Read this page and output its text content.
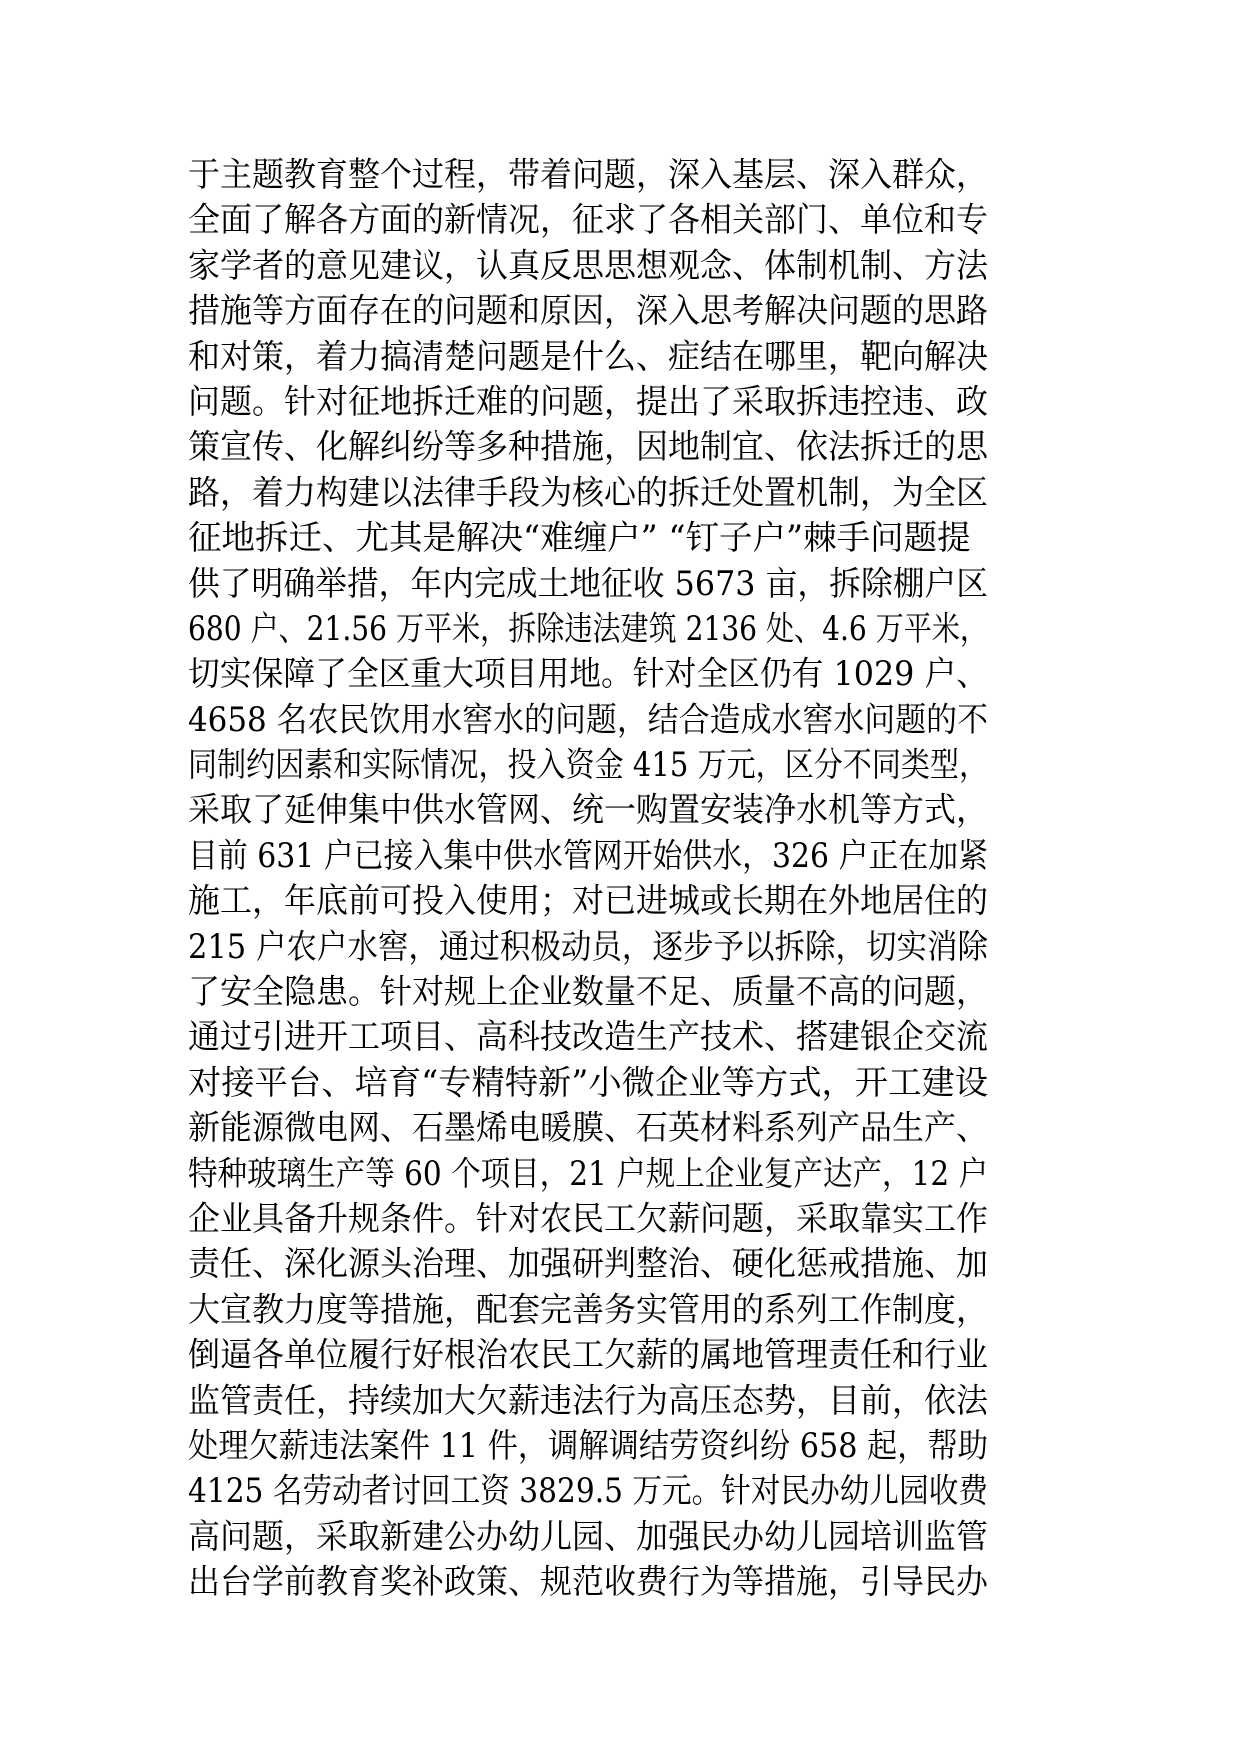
于主题教育整个过程，带着问题，深入基层、深入群众，
全面了解各方面的新情况，征求了各相关部门、单位和专
家学者的意见建议，认真反思思想观念、体制机制、方法
措施等方面存在的问题和原因，深入思考解决问题的思路
和对策，着力搞清楚问题是什么、症结在哪里，靶向解决
问题。针对征地拆迁难的问题，提出了采取拆违控违、政
策宣传、化解纠纷等多种措施，因地制宜、依法拆迁的思
路，着力构建以法律手段为核心的拆迁处置机制，为全区
征地拆迁、尤其是解决“难缠户” “钉子户”棘手问题提
供了明确举措，年内完成土地征收 5673 亩，拆除棚户区
680 户、21.56 万平米，拆除违法建筑 2136 处、4.6 万平米，
切实保障了全区重大项目用地。针对全区仍有 1029 户、
4658 名农民饮用水窖水的问题，结合造成水窖水问题的不
同制约因素和实际情况，投入资金 415 万元，区分不同类型，
采取了延伸集中供水管网、统一购置安装净水机等方式，
目前 631 户已接入集中供水管网开始供水，326 户正在加紧
施工，年底前可投入使用；对已进城或长期在外地居住的
215 户农户水窖，通过积极动员，逐步予以拆除，切实消除
了安全隐患。针对规上企业数量不足、质量不高的问题，
通过引进开工项目、高科技改造生产技术、搭建银企交流
对接平台、培育“专精特新”小微企业等方式，开工建设
新能源微电网、石墨烯电暖膜、石英材料系列产品生产、
特种玻璃生产等 60 个项目，21 户规上企业复产达产，12 户
企业具备升规条件。针对农民工欠薪问题，采取靠实工作
责任、深化源头治理、加强研判整治、硬化惩戒措施、加
大宣教力度等措施，配套完善务实管用的系列工作制度，
倒逼各单位履行好根治农民工欠薪的属地管理责任和行业
监管责任，持续加大欠薪违法行为高压态势，目前，依法
处理欠薪违法案件 11 件，调解调结劳资纠纷 658 起，帮助
4125 名劳动者讨回工资 3829.5 万元。针对民办幼儿园收费
高问题，采取新建公办幼儿园、加强民办幼儿园培训监管
出台学前教育奖补政策、规范收费行为等措施，引导民办
